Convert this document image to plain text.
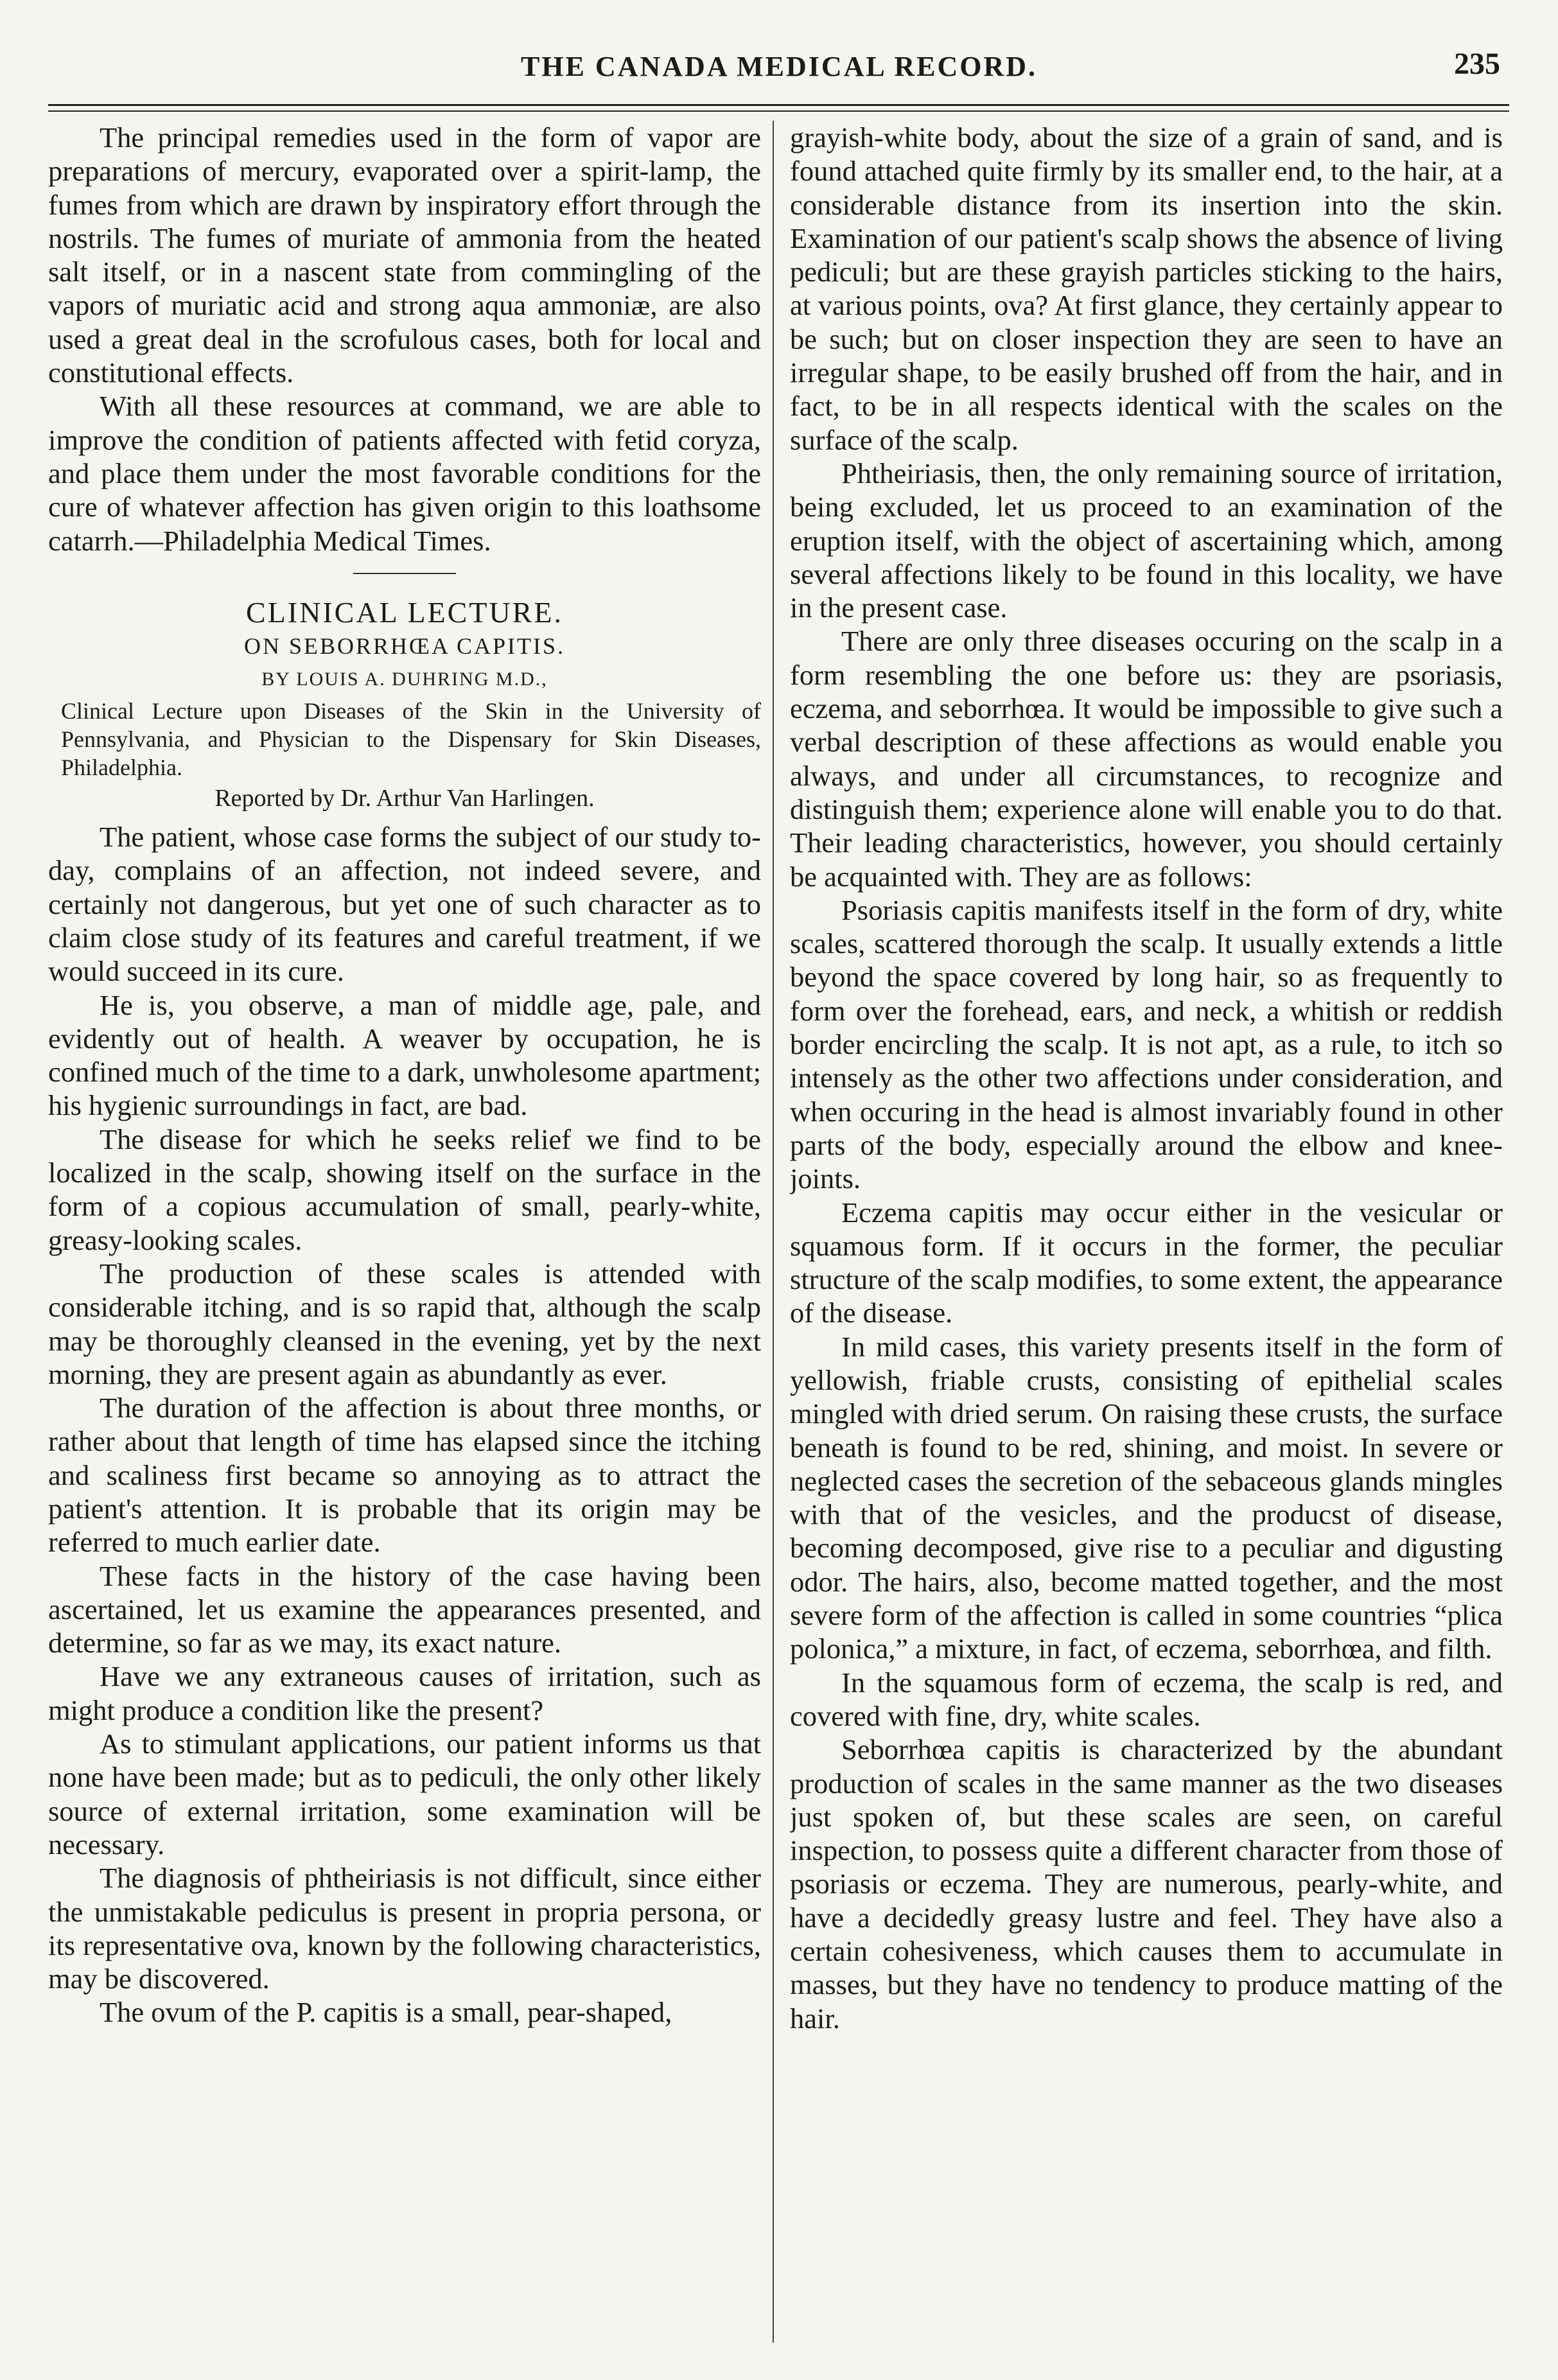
THE CANADA MEDICAL RECORD.	235

The principal remedies used in the form of vapor are preparations of mercury, evaporated over a spirit-lamp, the fumes from which are drawn by inspiratory effort through the nostrils. The fumes of muriate of ammonia from the heated salt itself, or in a nascent state from commingling of the vapors of muriatic acid and strong aqua ammoniæ, are also used a great deal in the scrofulous cases, both for local and constitutional effects.

With all these resources at command, we are able to improve the condition of patients affected with fetid coryza, and place them under the most favorable conditions for the cure of whatever affection has given origin to this loathsome catarrh.—Philadelphia Medical Times.

CLINICAL LECTURE.

ON SEBORRHŒA CAPITIS.

BY LOUIS A. DUHRING M.D.,

Clinical Lecture upon Diseases of the Skin in the University of Pennsylvania, and Physician to the Dispensary for Skin Diseases, Philadelphia.

Reported by Dr. Arthur Van Harlingen.

The patient, whose case forms the subject of our study to-day, complains of an affection, not indeed severe, and certainly not dangerous, but yet one of such character as to claim close study of its features and careful treatment, if we would succeed in its cure.

He is, you observe, a man of middle age, pale, and evidently out of health. A weaver by occupation, he is confined much of the time to a dark, unwholesome apartment; his hygienic surroundings in fact, are bad.

The disease for which he seeks relief we find to be localized in the scalp, showing itself on the surface in the form of a copious accumulation of small, pearly-white, greasy-looking scales.

The production of these scales is attended with considerable itching, and is so rapid that, although the scalp may be thoroughly cleansed in the evening, yet by the next morning, they are present again as abundantly as ever.

The duration of the affection is about three months, or rather about that length of time has elapsed since the itching and scaliness first became so annoying as to attract the patient's attention. It is probable that its origin may be referred to much earlier date.

These facts in the history of the case having been ascertained, let us examine the appearances presented, and determine, so far as we may, its exact nature.

Have we any extraneous causes of irritation, such as might produce a condition like the present?

As to stimulant applications, our patient informs us that none have been made; but as to pediculi, the only other likely source of external irritation, some examination will be necessary.

The diagnosis of phtheiriasis is not difficult, since either the unmistakable pediculus is present in propria persona, or its representative ova, known by the following characteristics, may be discovered.

The ovum of the P. capitis is a small, pear-shaped,

grayish-white body, about the size of a grain of sand, and is found attached quite firmly by its smaller end, to the hair, at a considerable distance from its insertion into the skin. Examination of our patient's scalp shows the absence of living pediculi; but are these grayish particles sticking to the hairs, at various points, ova? At first glance, they certainly appear to be such; but on closer inspection they are seen to have an irregular shape, to be easily brushed off from the hair, and in fact, to be in all respects identical with the scales on the surface of the scalp.

Phtheiriasis, then, the only remaining source of irritation, being excluded, let us proceed to an examination of the eruption itself, with the object of ascertaining which, among several affections likely to be found in this locality, we have in the present case.

There are only three diseases occuring on the scalp in a form resembling the one before us: they are psoriasis, eczema, and seborrhœa. It would be impossible to give such a verbal description of these affections as would enable you always, and under all circumstances, to recognize and distinguish them; experience alone will enable you to do that. Their leading characteristics, however, you should certainly be acquainted with. They are as follows:

Psoriasis capitis manifests itself in the form of dry, white scales, scattered thorough the scalp. It usually extends a little beyond the space covered by long hair, so as frequently to form over the forehead, ears, and neck, a whitish or reddish border encircling the scalp. It is not apt, as a rule, to itch so intensely as the other two affections under consideration, and when occuring in the head is almost invariably found in other parts of the body, especially around the elbow and knee-joints.

Eczema capitis may occur either in the vesicular or squamous form. If it occurs in the former, the peculiar structure of the scalp modifies, to some extent, the appearance of the disease.

In mild cases, this variety presents itself in the form of yellowish, friable crusts, consisting of epithelial scales mingled with dried serum. On raising these crusts, the surface beneath is found to be red, shining, and moist. In severe or neglected cases the secretion of the sebaceous glands mingles with that of the vesicles, and the producst of disease, becoming decomposed, give rise to a peculiar and digusting odor. The hairs, also, become matted together, and the most severe form of the affection is called in some countries “plica polonica,” a mixture, in fact, of eczema, seborrhœa, and filth.

In the squamous form of eczema, the scalp is red, and covered with fine, dry, white scales.

Seborrhœa capitis is characterized by the abundant production of scales in the same manner as the two diseases just spoken of, but these scales are seen, on careful inspection, to possess quite a different character from those of psoriasis or eczema. They are numerous, pearly-white, and have a decidedly greasy lustre and feel. They have also a certain cohesiveness, which causes them to accumulate in masses, but they have no tendency to produce matting of the hair.
